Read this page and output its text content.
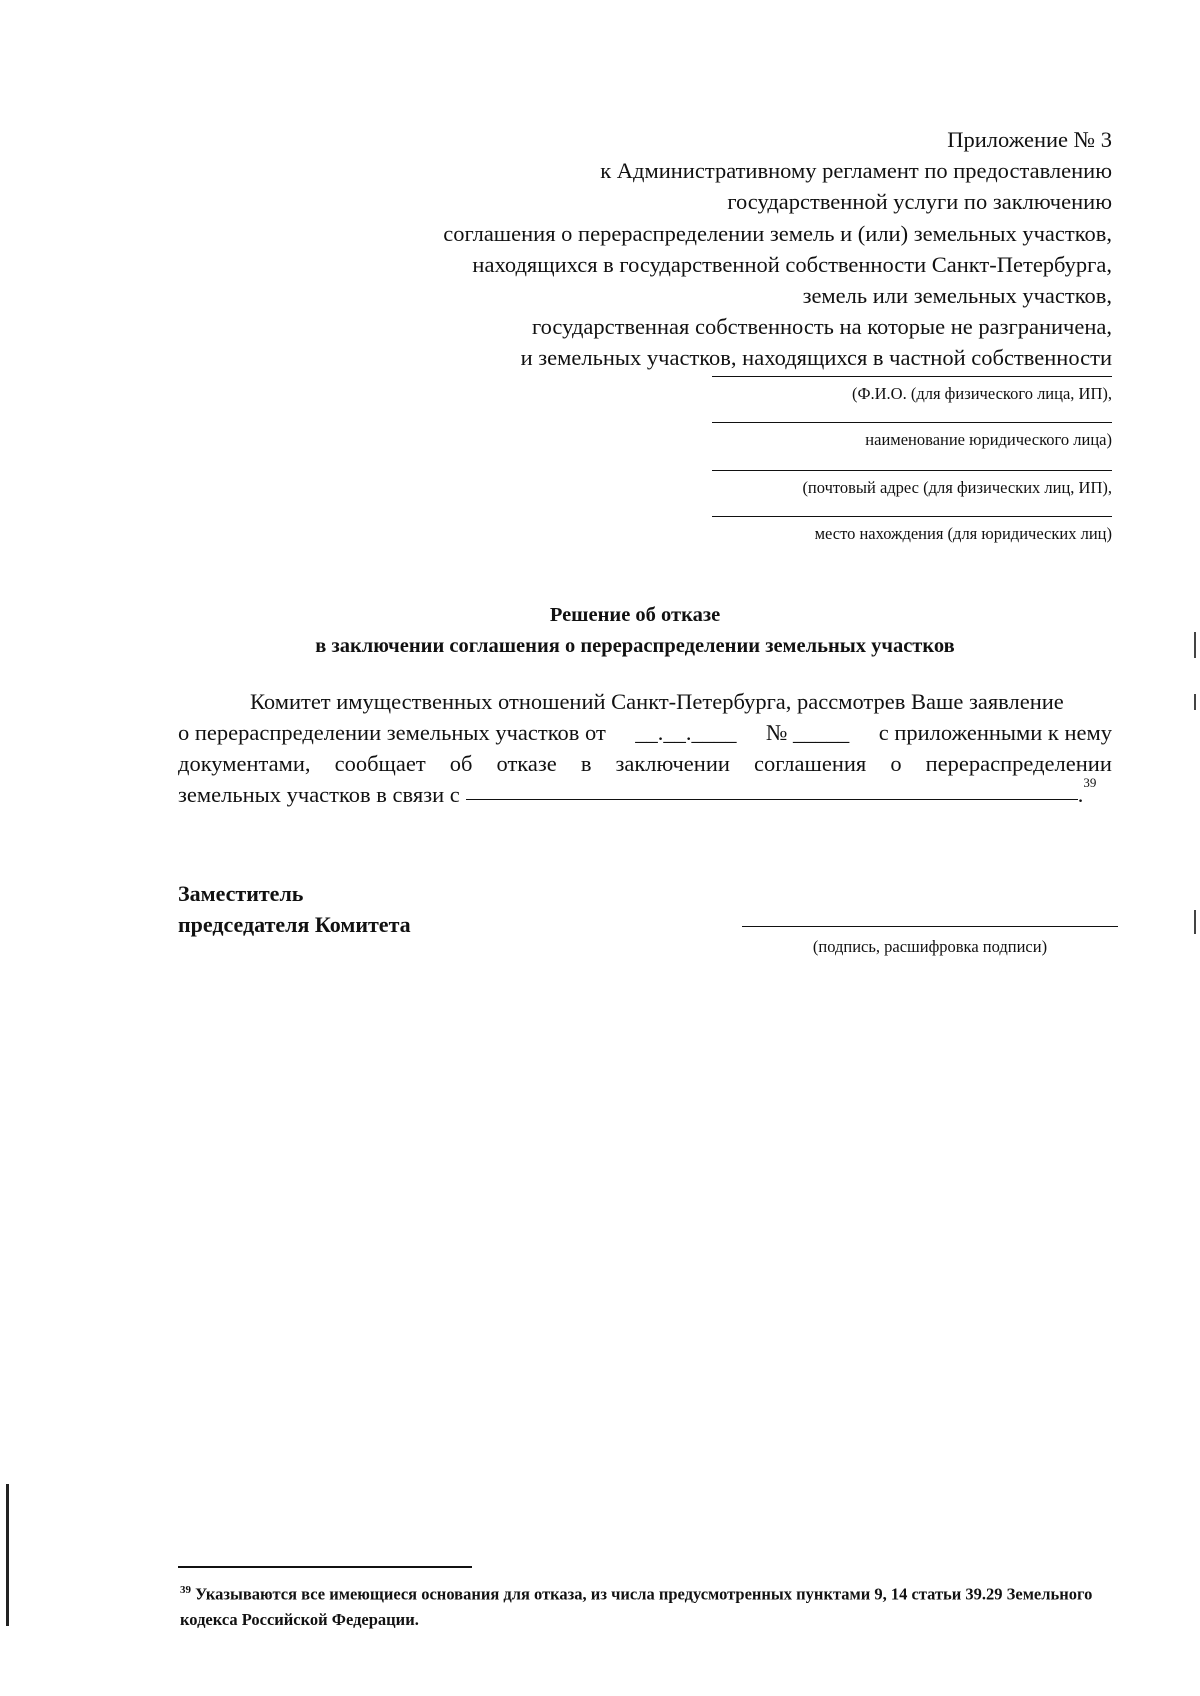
Приложение № 3
к Административному регламент по предоставлению
государственной услуги по заключению
соглашения о перераспределении земель и (или) земельных участков,
находящихся в государственной собственности Санкт-Петербурга,
земель или земельных участков,
государственная собственность на которые не разграничена,
и земельных участков, находящихся в частной собственности
(Ф.И.О. (для физического лица, ИП),
наименование юридического лица)
(почтовый адрес (для физических лиц, ИП),
место нахождения (для юридических лиц)
Решение об отказе
в заключении соглашения о перераспределении земельных участков
Комитет имущественных отношений Санкт-Петербурга, рассмотрев Ваше заявление
о перераспределении земельных участков от __.__.____ № _____ с приложенными к нему
документами, сообщает об отказе в заключении соглашения о перераспределении
земельных участков в связи с	. 39
Заместитель
председателя Комитета
(подпись, расшифровка подписи)
$^{39}$ Указываются все имеющиеся основания для отказа, из числа предусмотренных пунктами 9, 14 статьи 39.29 Земельного кодекса Российской Федерации.
